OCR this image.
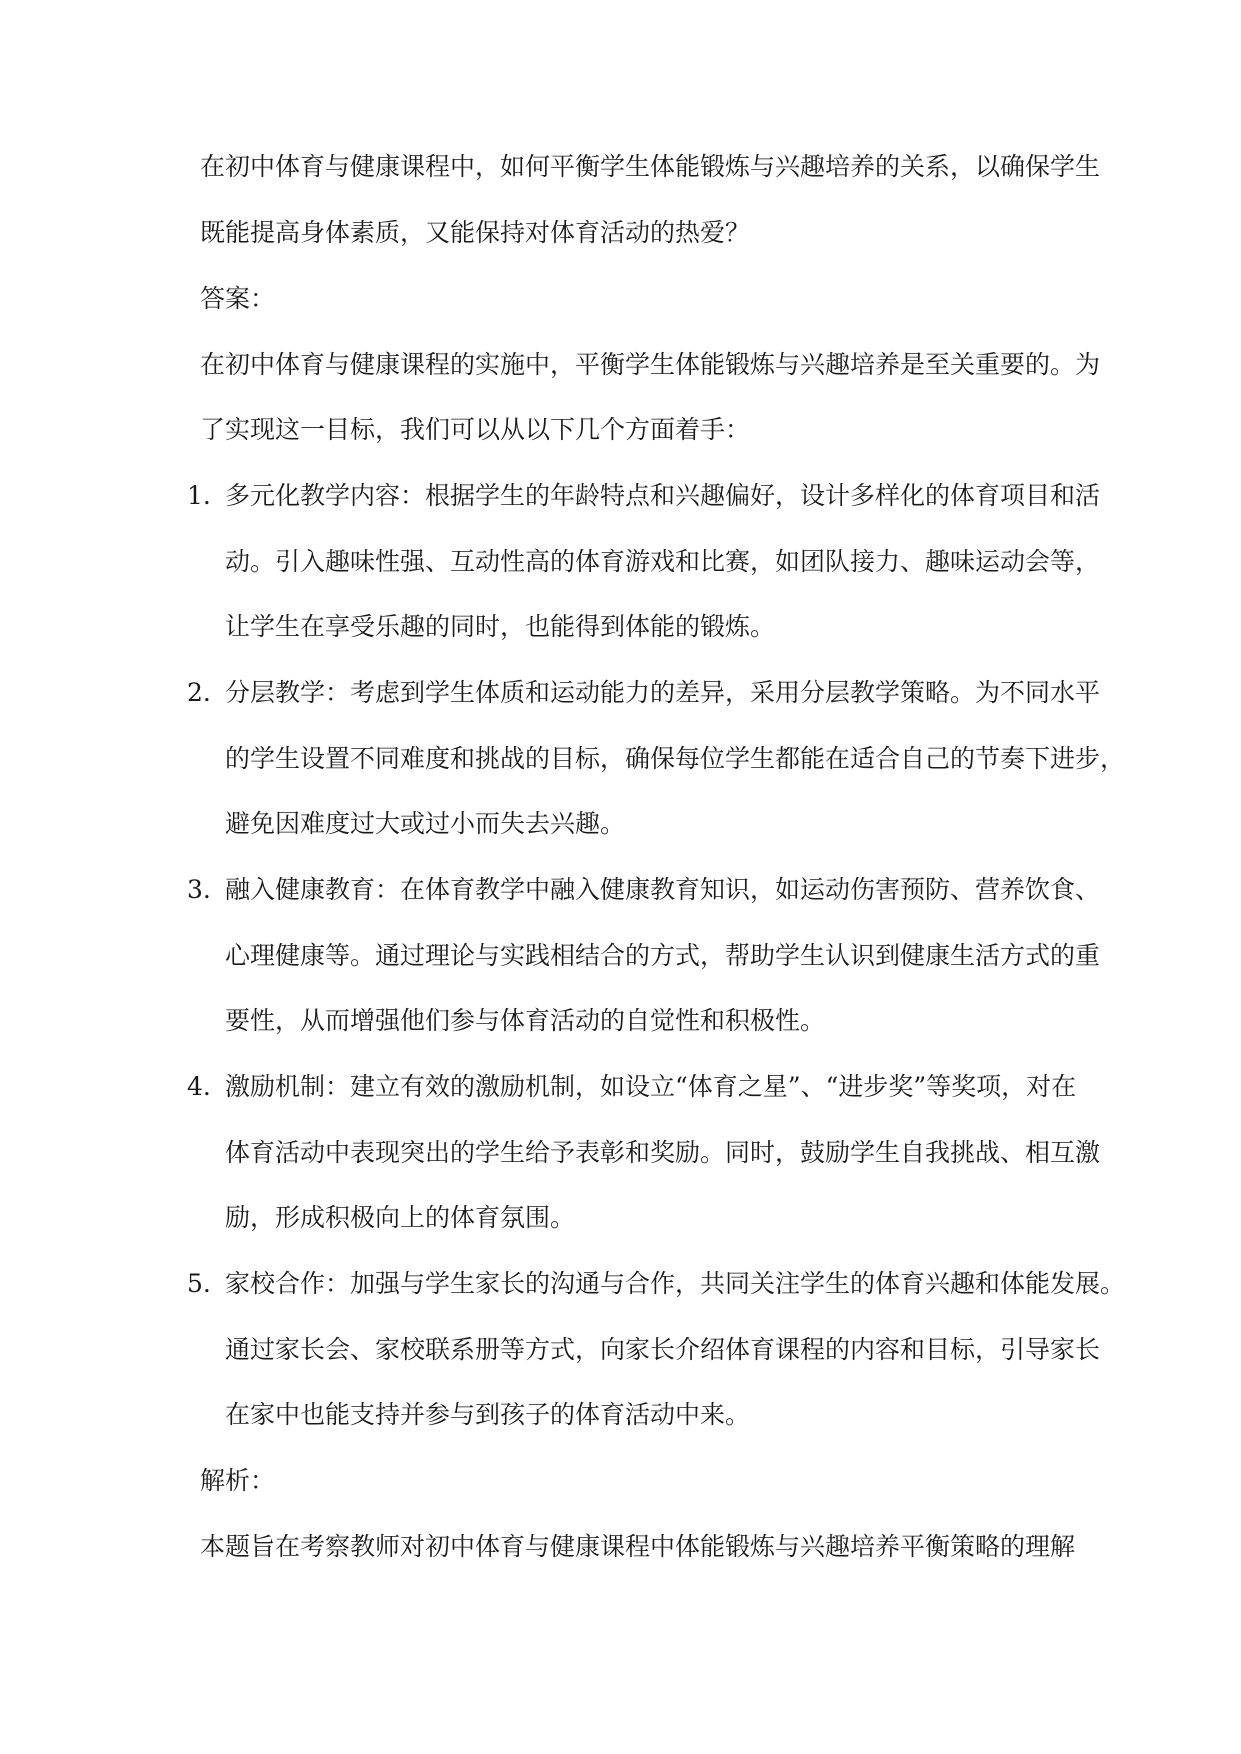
在初中体育与健康课程中，如何平衡学生体能锻炼与兴趣培养的关系，以确保学生
既能提高身体素质，又能保持对体育活动的热爱？
答案：
在初中体育与健康课程的实施中，平衡学生体能锻炼与兴趣培养是至关重要的。为
了实现这一目标，我们可以从以下几个方面着手：
1. 多元化教学内容：根据学生的年龄特点和兴趣偏好，设计多样化的体育项目和活
动。引入趣味性强、互动性高的体育游戏和比赛，如团队接力、趣味运动会等，
让学生在享受乐趣的同时，也能得到体能的锻炼。
2. 分层教学：考虑到学生体质和运动能力的差异，采用分层教学策略。为不同水平
的学生设置不同难度和挑战的目标，确保每位学生都能在适合自己的节奏下进步，
避免因难度过大或过小而失去兴趣。
3. 融入健康教育：在体育教学中融入健康教育知识，如运动伤害预防、营养饮食、
心理健康等。通过理论与实践相结合的方式，帮助学生认识到健康生活方式的重
要性，从而增强他们参与体育活动的自觉性和积极性。
4. 激励机制：建立有效的激励机制，如设立“体育之星”、“进步奖”等奖项，对在
体育活动中表现突出的学生给予表彰和奖励。同时，鼓励学生自我挑战、相互激
励，形成积极向上的体育氛围。
5. 家校合作：加强与学生家长的沟通与合作，共同关注学生的体育兴趣和体能发展。
通过家长会、家校联系册等方式，向家长介绍体育课程的内容和目标，引导家长
在家中也能支持并参与到孩子的体育活动中来。
解析：
本题旨在考察教师对初中体育与健康课程中体能锻炼与兴趣培养平衡策略的理解
